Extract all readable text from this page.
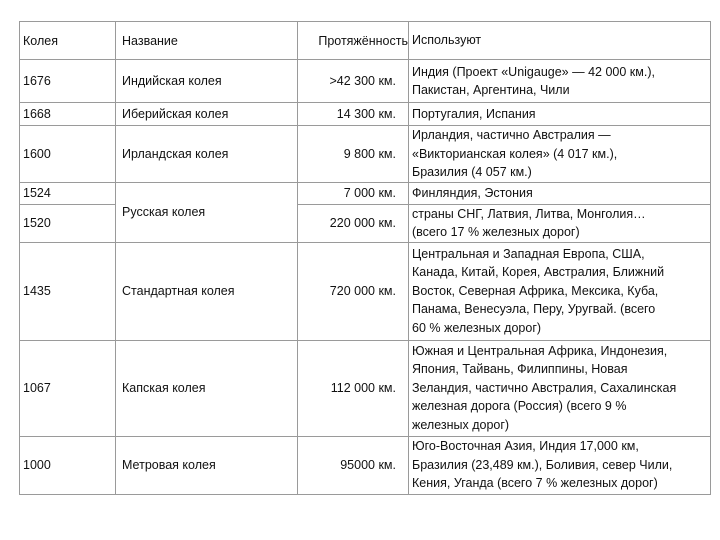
Колея	Название	Протяжённость	Используют
1676	Индийская колея	>42 300 км.	Индия (Проект «Unigauge» — 42 000 км.),
Пакистан, Аргентина, Чили

1668	Иберийская колея	14 300 км.	Португалия, Испания

1600	Ирландская колея	9 800 км.	Ирландия, частично Австралия —
«Викторианская колея» (4 017 км.),
Бразилия (4 057 км.)

1524	Русская колея	7 000 км.	Финляндия, Эстония

1520		220 000 км.	страны СНГ, Латвия, Литва, Монголия…
(всего 17 % железных дорог)

1435	Стандартная колея	720 000 км.	Центральная и Западная Европа, США,
Канада, Китай, Корея, Австралия, Ближний
Восток, Северная Африка, Мексика, Куба,
Панама, Венесуэла, Перу, Уругвай. (всего
60 % железных дорог)

1067	Капская колея	112 000 км.	Южная и Центральная Африка, Индонезия,
Япония, Тайвань, Филиппины, Новая
Зеландия, частично Австралия, Сахалинская
железная дорога (Россия) (всего 9 %
железных дорог)

1000	Метровая колея	95000 км.	Юго-Восточная Азия, Индия 17,000 км,
Бразилия (23,489 км.), Боливия, север Чили,
Кения, Уганда (всего 7 % железных дорог)
